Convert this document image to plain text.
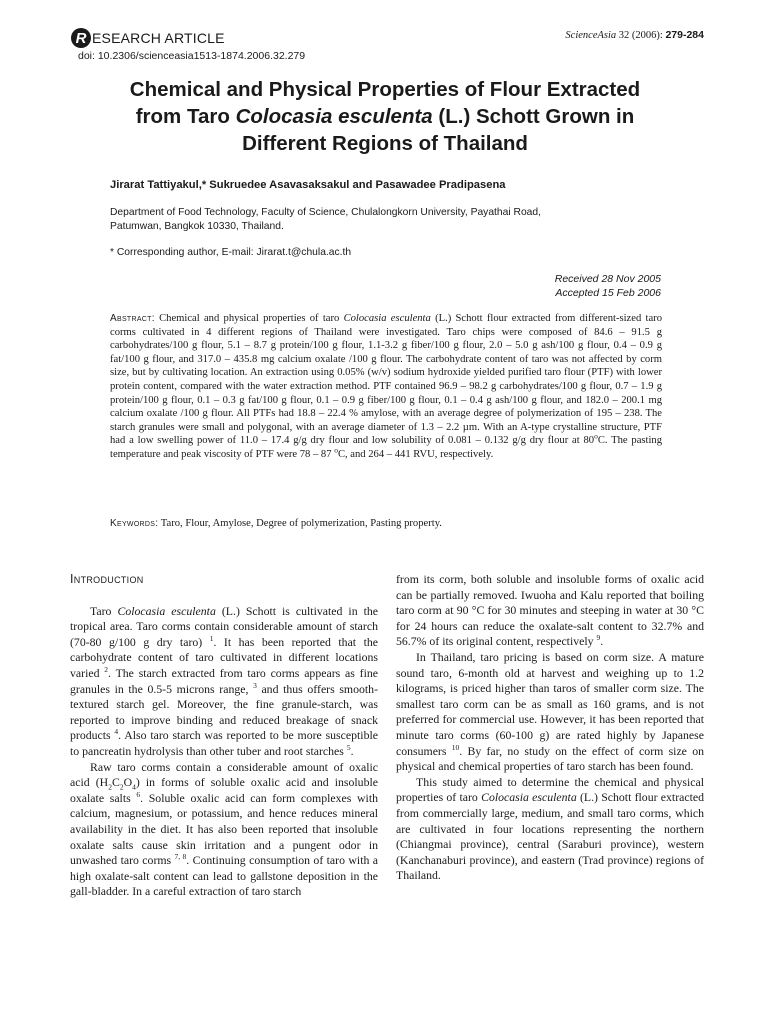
R ESEARCH ARTICLE
doi: 10.2306/scienceasia1513-1874.2006.32.279
ScienceAsia 32 (2006): 279-284
Chemical and Physical Properties of Flour Extracted
from Taro Colocasia esculenta (L.) Schott Grown in
Different Regions of Thailand
Jirarat Tattiyakul,* Sukruedee Asavasaksakul and Pasawadee Pradipasena
Department of Food Technology, Faculty of Science, Chulalongkorn University, Payathai Road,
Patumwan, Bangkok 10330, Thailand.
* Corresponding author, E-mail: Jirarat.t@chula.ac.th
Received 28 Nov 2005
Accepted 15 Feb 2006
Abstract: Chemical and physical properties of taro Colocasia esculenta (L.) Schott flour extracted from different-sized taro corms cultivated in 4 different regions of Thailand were investigated. Taro chips were composed of 84.6 – 91.5 g carbohydrates/100 g flour, 5.1 – 8.7 g protein/100 g flour, 1.1-3.2 g fiber/100 g flour, 2.0 – 5.0 g ash/100 g flour, 0.4 – 0.9 g fat/100 g flour, and 317.0 – 435.8 mg calcium oxalate /100 g flour. The carbohydrate content of taro was not affected by corm size, but by cultivating location. An extraction using 0.05% (w/v) sodium hydroxide yielded purified taro flour (PTF) with lower protein content, compared with the water extraction method. PTF contained 96.9 – 98.2 g carbohydrates/100 g flour, 0.7 – 1.9 g protein/100 g flour, 0.1 – 0.3 g fat/100 g flour, 0.1 – 0.9 g fiber/100 g flour, 0.1 – 0.4 g ash/100 g flour, and 182.0 – 200.1 mg calcium oxalate /100 g flour. All PTFs had 18.8 – 22.4 % amylose, with an average degree of polymerization of 195 – 238. The starch granules were small and polygonal, with an average diameter of 1.3 – 2.2 µm. With an A-type crystalline structure, PTF had a low swelling power of 11.0 – 17.4 g/g dry flour and low solubility of 0.081 – 0.132 g/g dry flour at 80$^o$C. The pasting temperature and peak viscosity of PTF were 78 – 87 $^o$C, and 264 – 441 RVU, respectively.
Keywords: Taro, Flour, Amylose, Degree of polymerization, Pasting property.
Introduction

Taro Colocasia esculenta (L.) Schott is cultivated in the tropical area. Taro corms contain considerable amount of starch (70-80 g/100 g dry taro) $^1$. It has been reported that the carbohydrate content of taro cultivated in different locations varied $^2$. The starch extracted from taro corms appears as fine granules in the 0.5-5 microns range, $^3$ and thus offers smooth-textured starch gel. Moreover, the fine granule-starch, was reported to improve binding and reduced breakage of snack products $^4$. Also taro starch was reported to be more susceptible to pancreatin hydrolysis than other tuber and root starches $^5$.

Raw taro corms contain a considerable amount of oxalic acid $(H_2C_2O_4)$ in forms of soluble oxalic acid and insoluble oxalate salts $^6$. Soluble oxalic acid can form complexes with calcium, magnesium, or potassium, and hence reduces mineral availability in the diet. It has also been reported that insoluble oxalate salts cause skin irritation and a pungent odor in unwashed taro corms $^{7, 8}$. Continuing consumption of taro with a high oxalate-salt content can lead to gallstone deposition in the gall-bladder. In a careful extraction of taro starch

from its corm, both soluble and insoluble forms of oxalic acid can be partially removed. Iwuoha and Kalu reported that boiling taro corm at 90 °C for 30 minutes and steeping in water at 30 °C for 24 hours can reduce the oxalate-salt content to 32.7% and 56.7% of its original content, respectively $^9$.

In Thailand, taro pricing is based on corm size. A mature sound taro, 6-month old at harvest and weighing up to 1.2 kilograms, is priced higher than taros of smaller corm size. The smallest taro corm can be as small as 160 grams, and is not preferred for commercial use. However, it has been reported that minute taro corms (60-100 g) are rated highly by Japanese consumers $^{10}$. By far, no study on the effect of corm size on physical and chemical properties of taro starch has been found.

This study aimed to determine the chemical and physical properties of taro Colocasia esculenta (L.) Schott flour extracted from commercially large, medium, and small taro corms, which are cultivated in four locations representing the northern (Chiangmai province), central (Saraburi province), western (Kanchanaburi province), and eastern (Trad province) regions of Thailand.
